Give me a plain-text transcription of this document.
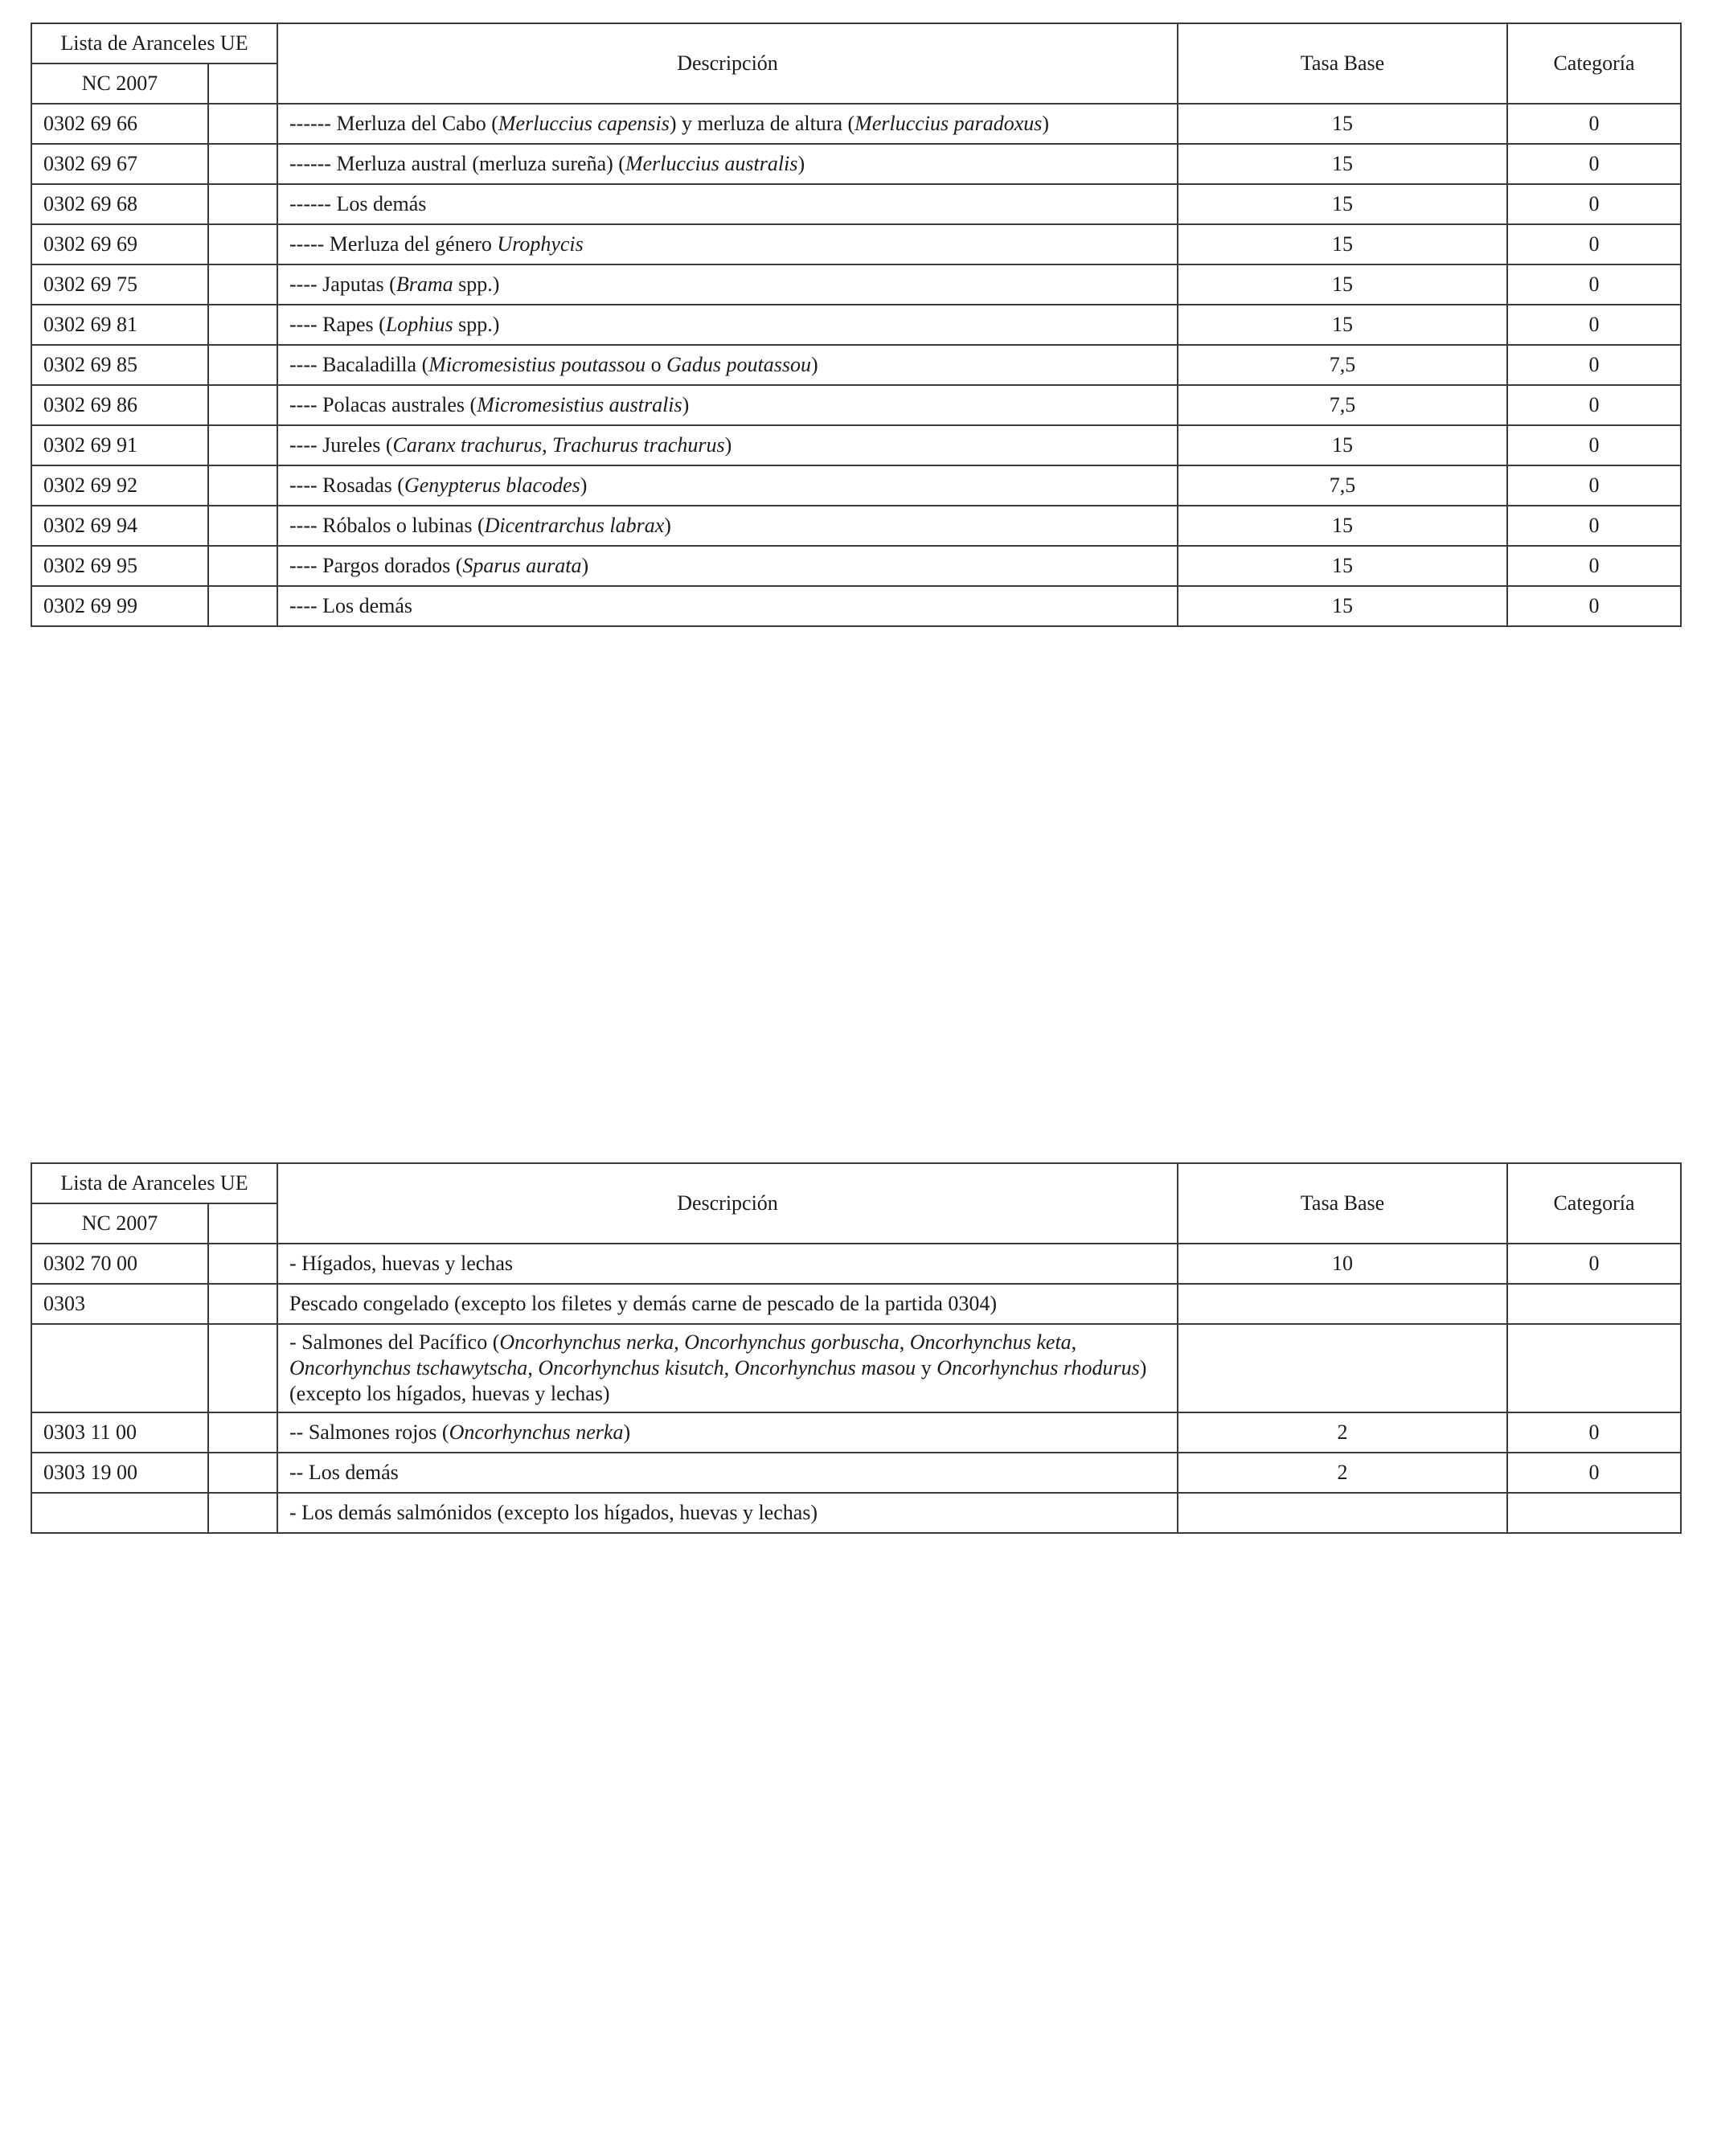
Lista de Aranceles UE		Descripción	Tasa Base	Categoría
NC 2007				
0302 69 66		------ Merluza del Cabo (Merluccius capensis) y merluza de altura (Merluccius paradoxus)	15	0
0302 69 67		------ Merluza austral (merluza sureña) (Merluccius australis)	15	0
0302 69 68		------ Los demás	15	0
0302 69 69		----- Merluza del género Urophycis	15	0
0302 69 75		---- Japutas (Brama spp.)	15	0
0302 69 81		---- Rapes (Lophius spp.)	15	0
0302 69 85		---- Bacaladilla (Micromesistius poutassou o Gadus poutassou)	7,5	0
0302 69 86		---- Polacas australes (Micromesistius australis)	7,5	0
0302 69 91		---- Jureles (Caranx trachurus, Trachurus trachurus)	15	0
0302 69 92		---- Rosadas (Genypterus blacodes)	7,5	0
0302 69 94		---- Róbalos o lubinas (Dicentrarchus labrax)	15	0
0302 69 95		---- Pargos dorados (Sparus aurata)	15	0
0302 69 99		---- Los demás	15	0
Lista de Aranceles UE		Descripción	Tasa Base	Categoría
NC 2007				
0302 70 00		- Hígados, huevas y lechas	10	0
0303		Pescado congelado (excepto los filetes y demás carne de pescado de la partida 0304)		
		- Salmones del Pacífico (Oncorhynchus nerka, Oncorhynchus gorbuscha, Oncorhynchus keta, Oncorhynchus tschawytscha, Oncorhynchus kisutch, Oncorhynchus masou y Oncorhynchus rhodurus) (excepto los hígados, huevas y lechas)		
0303 11 00		-- Salmones rojos (Oncorhynchus nerka)	2	0
0303 19 00		-- Los demás	2	0
		- Los demás salmónidos (excepto los hígados, huevas y lechas)		
